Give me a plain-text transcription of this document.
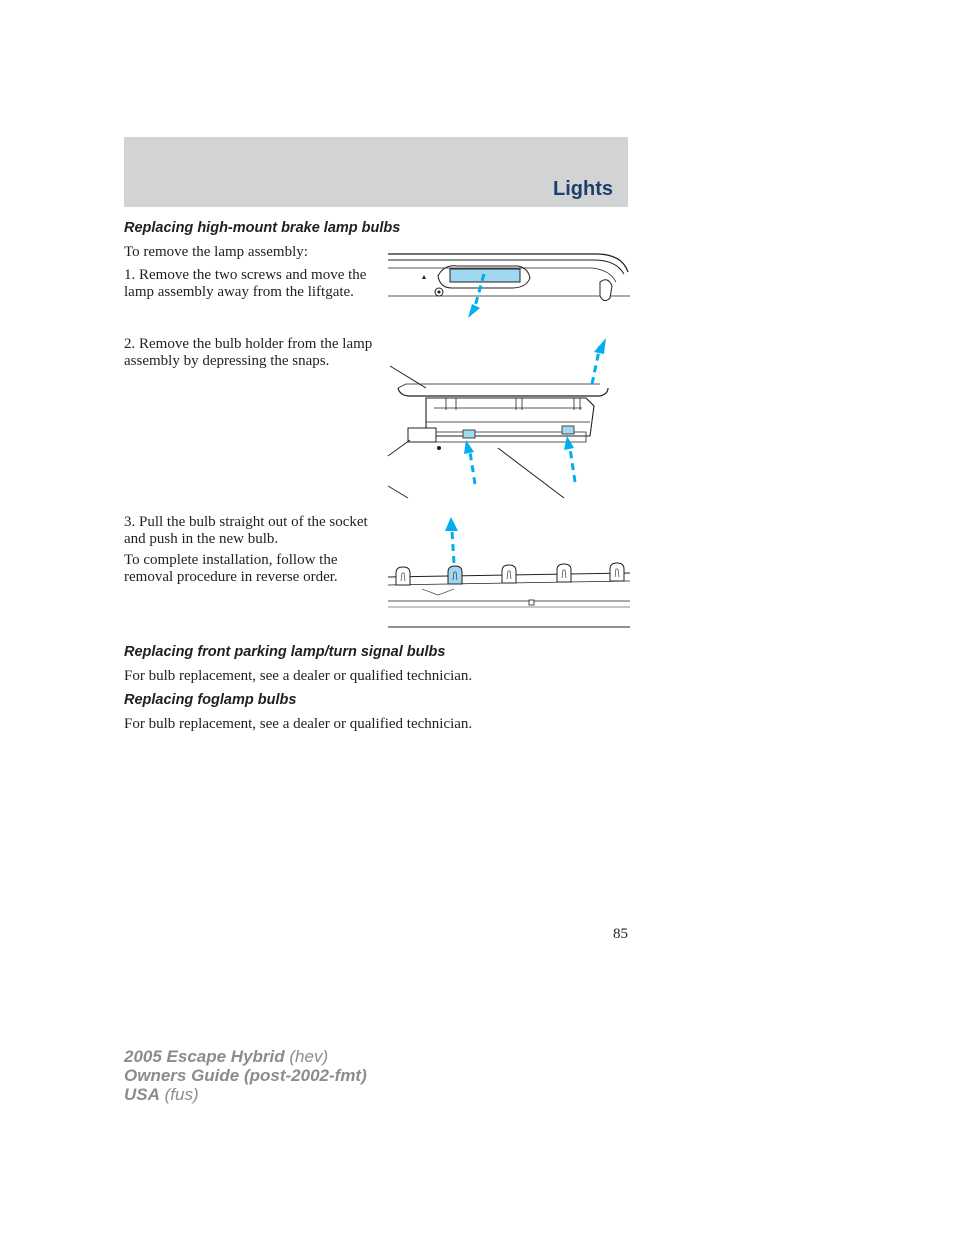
Lights
Replacing high-mount brake lamp bulbs

To remove the lamp assembly:

1. Remove the two screws and move the lamp assembly away from the liftgate.

2. Remove the bulb holder from the lamp assembly by depressing the snaps.

3. Pull the bulb straight out of the socket and push in the new bulb.

To complete installation, follow the removal procedure in reverse order.

Replacing front parking lamp/turn signal bulbs

For bulb replacement, see a dealer or qualified technician.

Replacing foglamp bulbs

For bulb replacement, see a dealer or qualified technician.

85

2005 Escape Hybrid (hev)
Owners Guide (post-2002-fmt)
USA (fus)
